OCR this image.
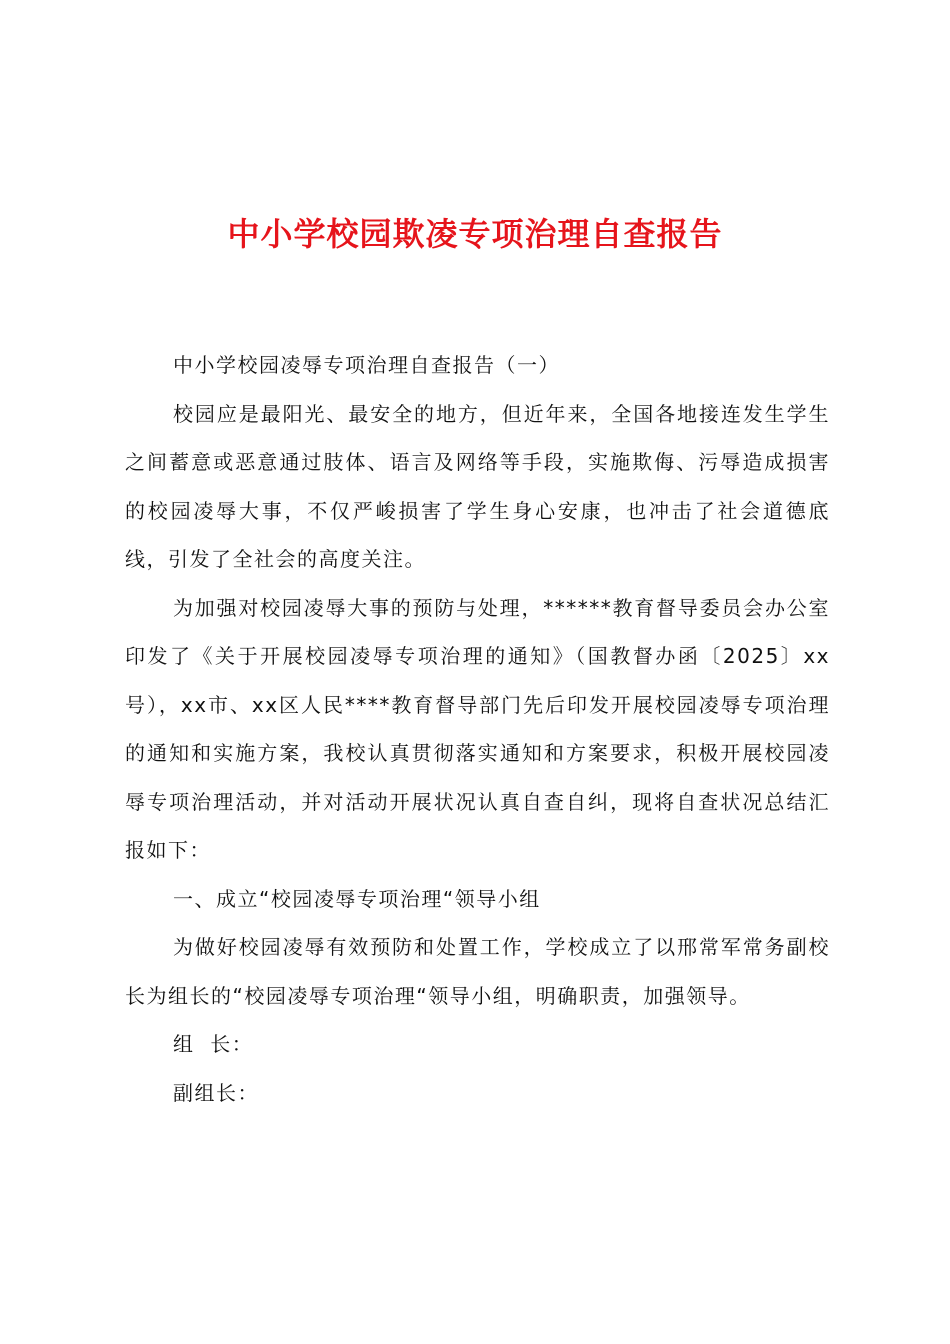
中小学校园欺凌专项治理自查报告

中小学校园凌辱专项治理自查报告（一）

校园应是最阳光、最安全的地方，但近年来，全国各地接连发生学生之间蓄意或恶意通过肢体、语言及网络等手段，实施欺侮、污辱造成损害的校园凌辱大事，不仅严峻损害了学生身心安康，也冲击了社会道德底线，引发了全社会的高度关注。

为加强对校园凌辱大事的预防与处理，******教育督导委员会办公室印发了《关于开展校园凌辱专项治理的通知》（国教督办函〔2025〕xx号），xx市、xx区人民****教育督导部门先后印发开展校园凌辱专项治理的通知和实施方案，我校认真贯彻落实通知和方案要求，积极开展校园凌辱专项治理活动，并对活动开展状况认真自查自纠，现将自查状况总结汇报如下：

一、成立“校园凌辱专项治理“领导小组

为做好校园凌辱有效预防和处置工作，学校成立了以邢常军常务副校长为组长的“校园凌辱专项治理“领导小组，明确职责，加强领导。

组  长：

副组长：
